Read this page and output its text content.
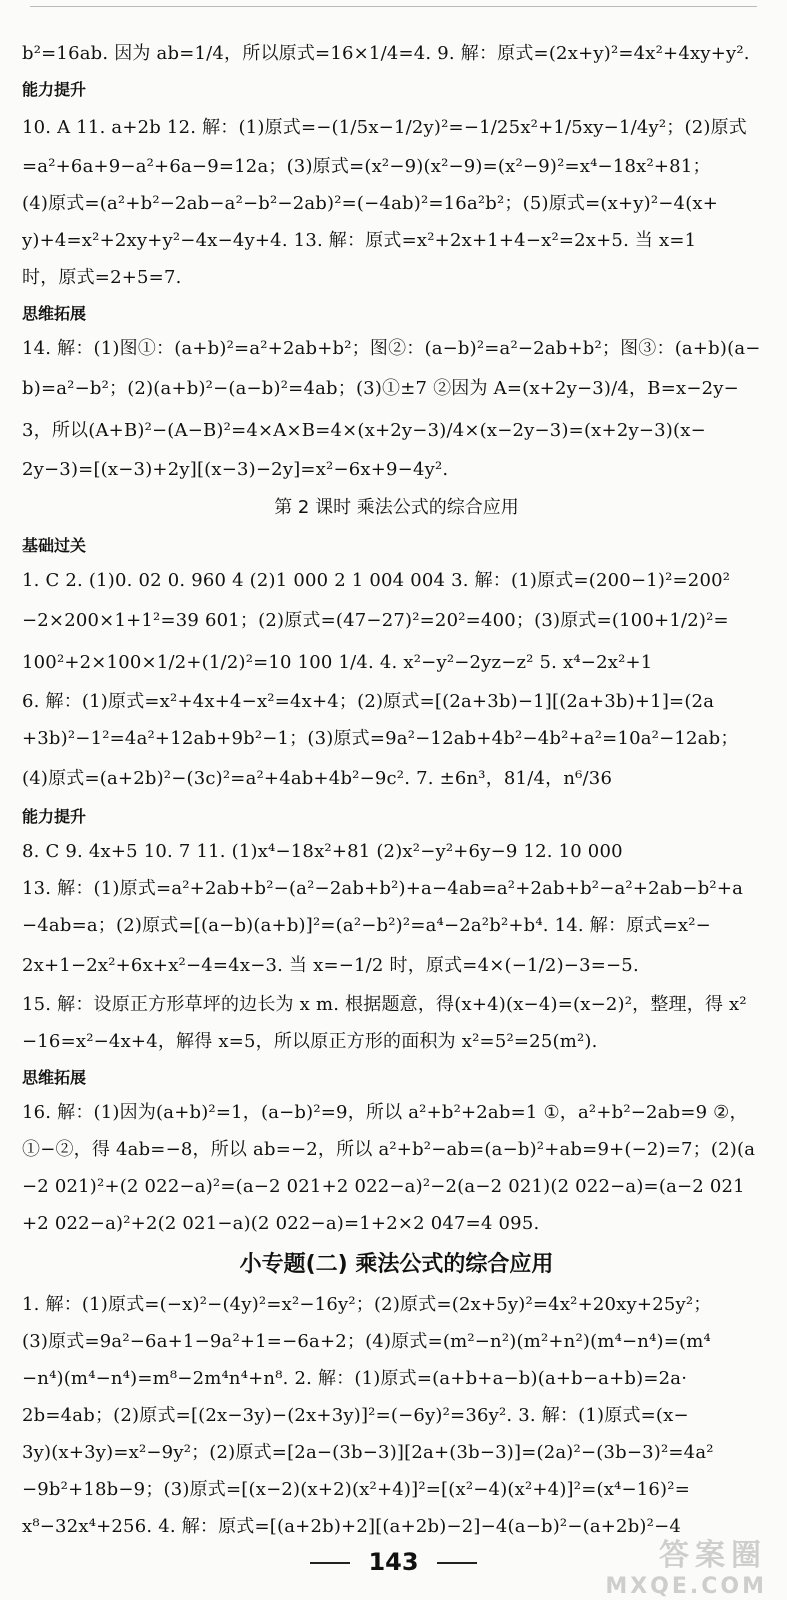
b²=16ab. 因为 ab=1/4，所以原式=16×1/4=4. 9. 解：原式=(2x+y)²=4x²+4xy+y².
能力提升
10. A 11. a+2b 12. 解：(1)原式=−(1/5x−1/2y)²=−1/25x²+1/5xy−1/4y²；(2)原式
=a²+6a+9−a²+6a−9=12a；(3)原式=(x²−9)(x²−9)=(x²−9)²=x⁴−18x²+81；
(4)原式=(a²+b²−2ab−a²−b²−2ab)²=(−4ab)²=16a²b²；(5)原式=(x+y)²−4(x+
y)+4=x²+2xy+y²−4x−4y+4. 13. 解：原式=x²+2x+1+4−x²=2x+5. 当 x=1
时，原式=2+5=7.
思维拓展
14. 解：(1)图①：(a+b)²=a²+2ab+b²；图②：(a−b)²=a²−2ab+b²；图③：(a+b)(a−
b)=a²−b²；(2)(a+b)²−(a−b)²=4ab；(3)①±7 ②因为 A=(x+2y−3)/4，B=x−2y−
3，所以(A+B)²−(A−B)²=4×A×B=4×(x+2y−3)/4×(x−2y−3)=(x+2y−3)(x−
2y−3)=[(x−3)+2y][(x−3)−2y]=x²−6x+9−4y².
第 2 课时 乘法公式的综合应用
基础过关
1. C 2. (1)0. 02 0. 960 4 (2)1 000 2 1 004 004 3. 解：(1)原式=(200−1)²=200²
−2×200×1+1²=39 601；(2)原式=(47−27)²=20²=400；(3)原式=(100+1/2)²=
100²+2×100×1/2+(1/2)²=10 100 1/4. 4. x²−y²−2yz−z² 5. x⁴−2x²+1
6. 解：(1)原式=x²+4x+4−x²=4x+4；(2)原式=[(2a+3b)−1][(2a+3b)+1]=(2a
+3b)²−1²=4a²+12ab+9b²−1；(3)原式=9a²−12ab+4b²−4b²+a²=10a²−12ab；
(4)原式=(a+2b)²−(3c)²=a²+4ab+4b²−9c². 7. ±6n³，81/4，n⁶/36
能力提升
8. C 9. 4x+5 10. 7 11. (1)x⁴−18x²+81 (2)x²−y²+6y−9 12. 10 000
13. 解：(1)原式=a²+2ab+b²−(a²−2ab+b²)+a−4ab=a²+2ab+b²−a²+2ab−b²+a
−4ab=a；(2)原式=[(a−b)(a+b)]²=(a²−b²)²=a⁴−2a²b²+b⁴. 14. 解：原式=x²−
2x+1−2x²+6x+x²−4=4x−3. 当 x=−1/2 时，原式=4×(−1/2)−3=−5.
15. 解：设原正方形草坪的边长为 x m. 根据题意，得(x+4)(x−4)=(x−2)²，整理，得 x²
−16=x²−4x+4，解得 x=5，所以原正方形的面积为 x²=5²=25(m²).
思维拓展
16. 解：(1)因为(a+b)²=1，(a−b)²=9，所以 a²+b²+2ab=1 ①，a²+b²−2ab=9 ②，
①−②，得 4ab=−8，所以 ab=−2，所以 a²+b²−ab=(a−b)²+ab=9+(−2)=7；(2)(a
−2 021)²+(2 022−a)²=(a−2 021+2 022−a)²−2(a−2 021)(2 022−a)=(a−2 021
+2 022−a)²+2(2 021−a)(2 022−a)=1+2×2 047=4 095.
小专题(二) 乘法公式的综合应用
1. 解：(1)原式=(−x)²−(4y)²=x²−16y²；(2)原式=(2x+5y)²=4x²+20xy+25y²；
(3)原式=9a²−6a+1−9a²+1=−6a+2；(4)原式=(m²−n²)(m²+n²)(m⁴−n⁴)=(m⁴
−n⁴)(m⁴−n⁴)=m⁸−2m⁴n⁴+n⁸. 2. 解：(1)原式=(a+b+a−b)(a+b−a+b)=2a·
2b=4ab；(2)原式=[(2x−3y)−(2x+3y)]²=(−6y)²=36y². 3. 解：(1)原式=(x−
3y)(x+3y)=x²−9y²；(2)原式=[2a−(3b−3)][2a+(3b−3)]=(2a)²−(3b−3)²=4a²
−9b²+18b−9；(3)原式=[(x−2)(x+2)(x²+4)]²=[(x²−4)(x²+4)]²=(x⁴−16)²=
x⁸−32x⁴+256. 4. 解：原式=[(a+2b)+2][(a+2b)−2]−4(a−b)²−(a+2b)²−4
143	答案圈
MXQE.COM
